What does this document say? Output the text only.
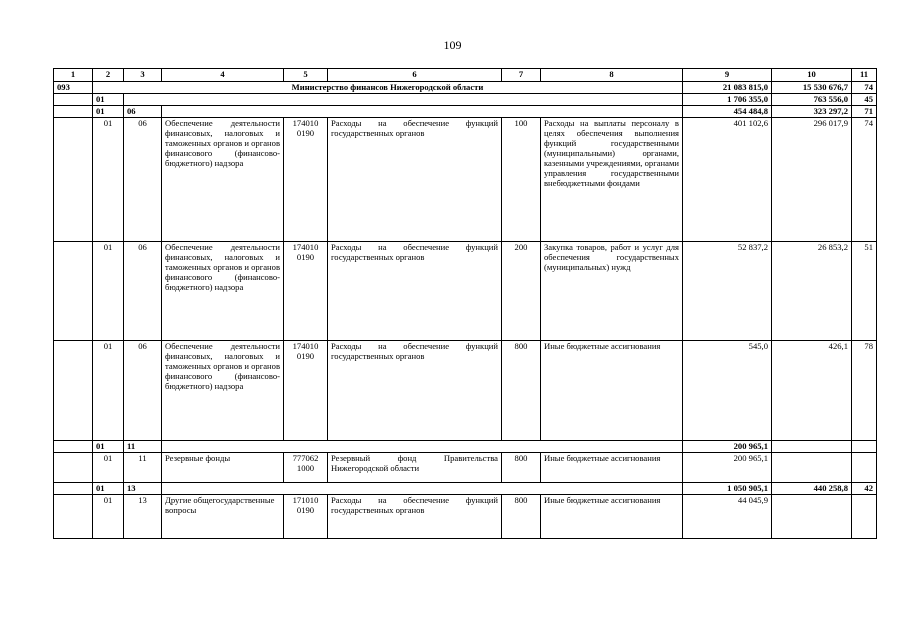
109
1	2	3	4	5	6	7	8	9	10	11
093	Министерство финансов Нижегородской области							21 083 815,0	15 530 676,7	74
	01							1 706 355,0	763 556,0	45
	01	06						454 484,8	323 297,2	71
	01	06	Обеспечение деятельности финансовых, налоговых и таможенных органов и органов финансового (финансово-бюджетного) надзора	174010 0190	Расходы на обеспечение функций государственных органов	100	Расходы на выплаты персоналу в целях обеспечения выполнения функций государственными (муниципальными) органами, казенными учреждениями, органами управления государственными внебюджетными фондами	401 102,6	296 017,9	74
	01	06	Обеспечение деятельности финансовых, налоговых и таможенных органов и органов финансового (финансово-бюджетного) надзора	174010 0190	Расходы на обеспечение функций государственных органов	200	Закупка товаров, работ и услуг для обеспечения государственных (муниципальных) нужд	52 837,2	26 853,2	51
	01	06	Обеспечение деятельности финансовых, налоговых и таможенных органов и органов финансового (финансово-бюджетного) надзора	174010 0190	Расходы на обеспечение функций государственных органов	800	Иные бюджетные ассигнования	545,0	426,1	78
	01	11						200 965,1		
	01	11	Резервные фонды	777062 1000	Резервный фонд Правительства Нижегородской области	800	Иные бюджетные ассигнования	200 965,1		
	01	13						1 050 905,1	440 258,8	42
	01	13	Другие общегосударственные вопросы	171010 0190	Расходы на обеспечение функций государственных органов	800	Иные бюджетные ассигнования	44 045,9		
